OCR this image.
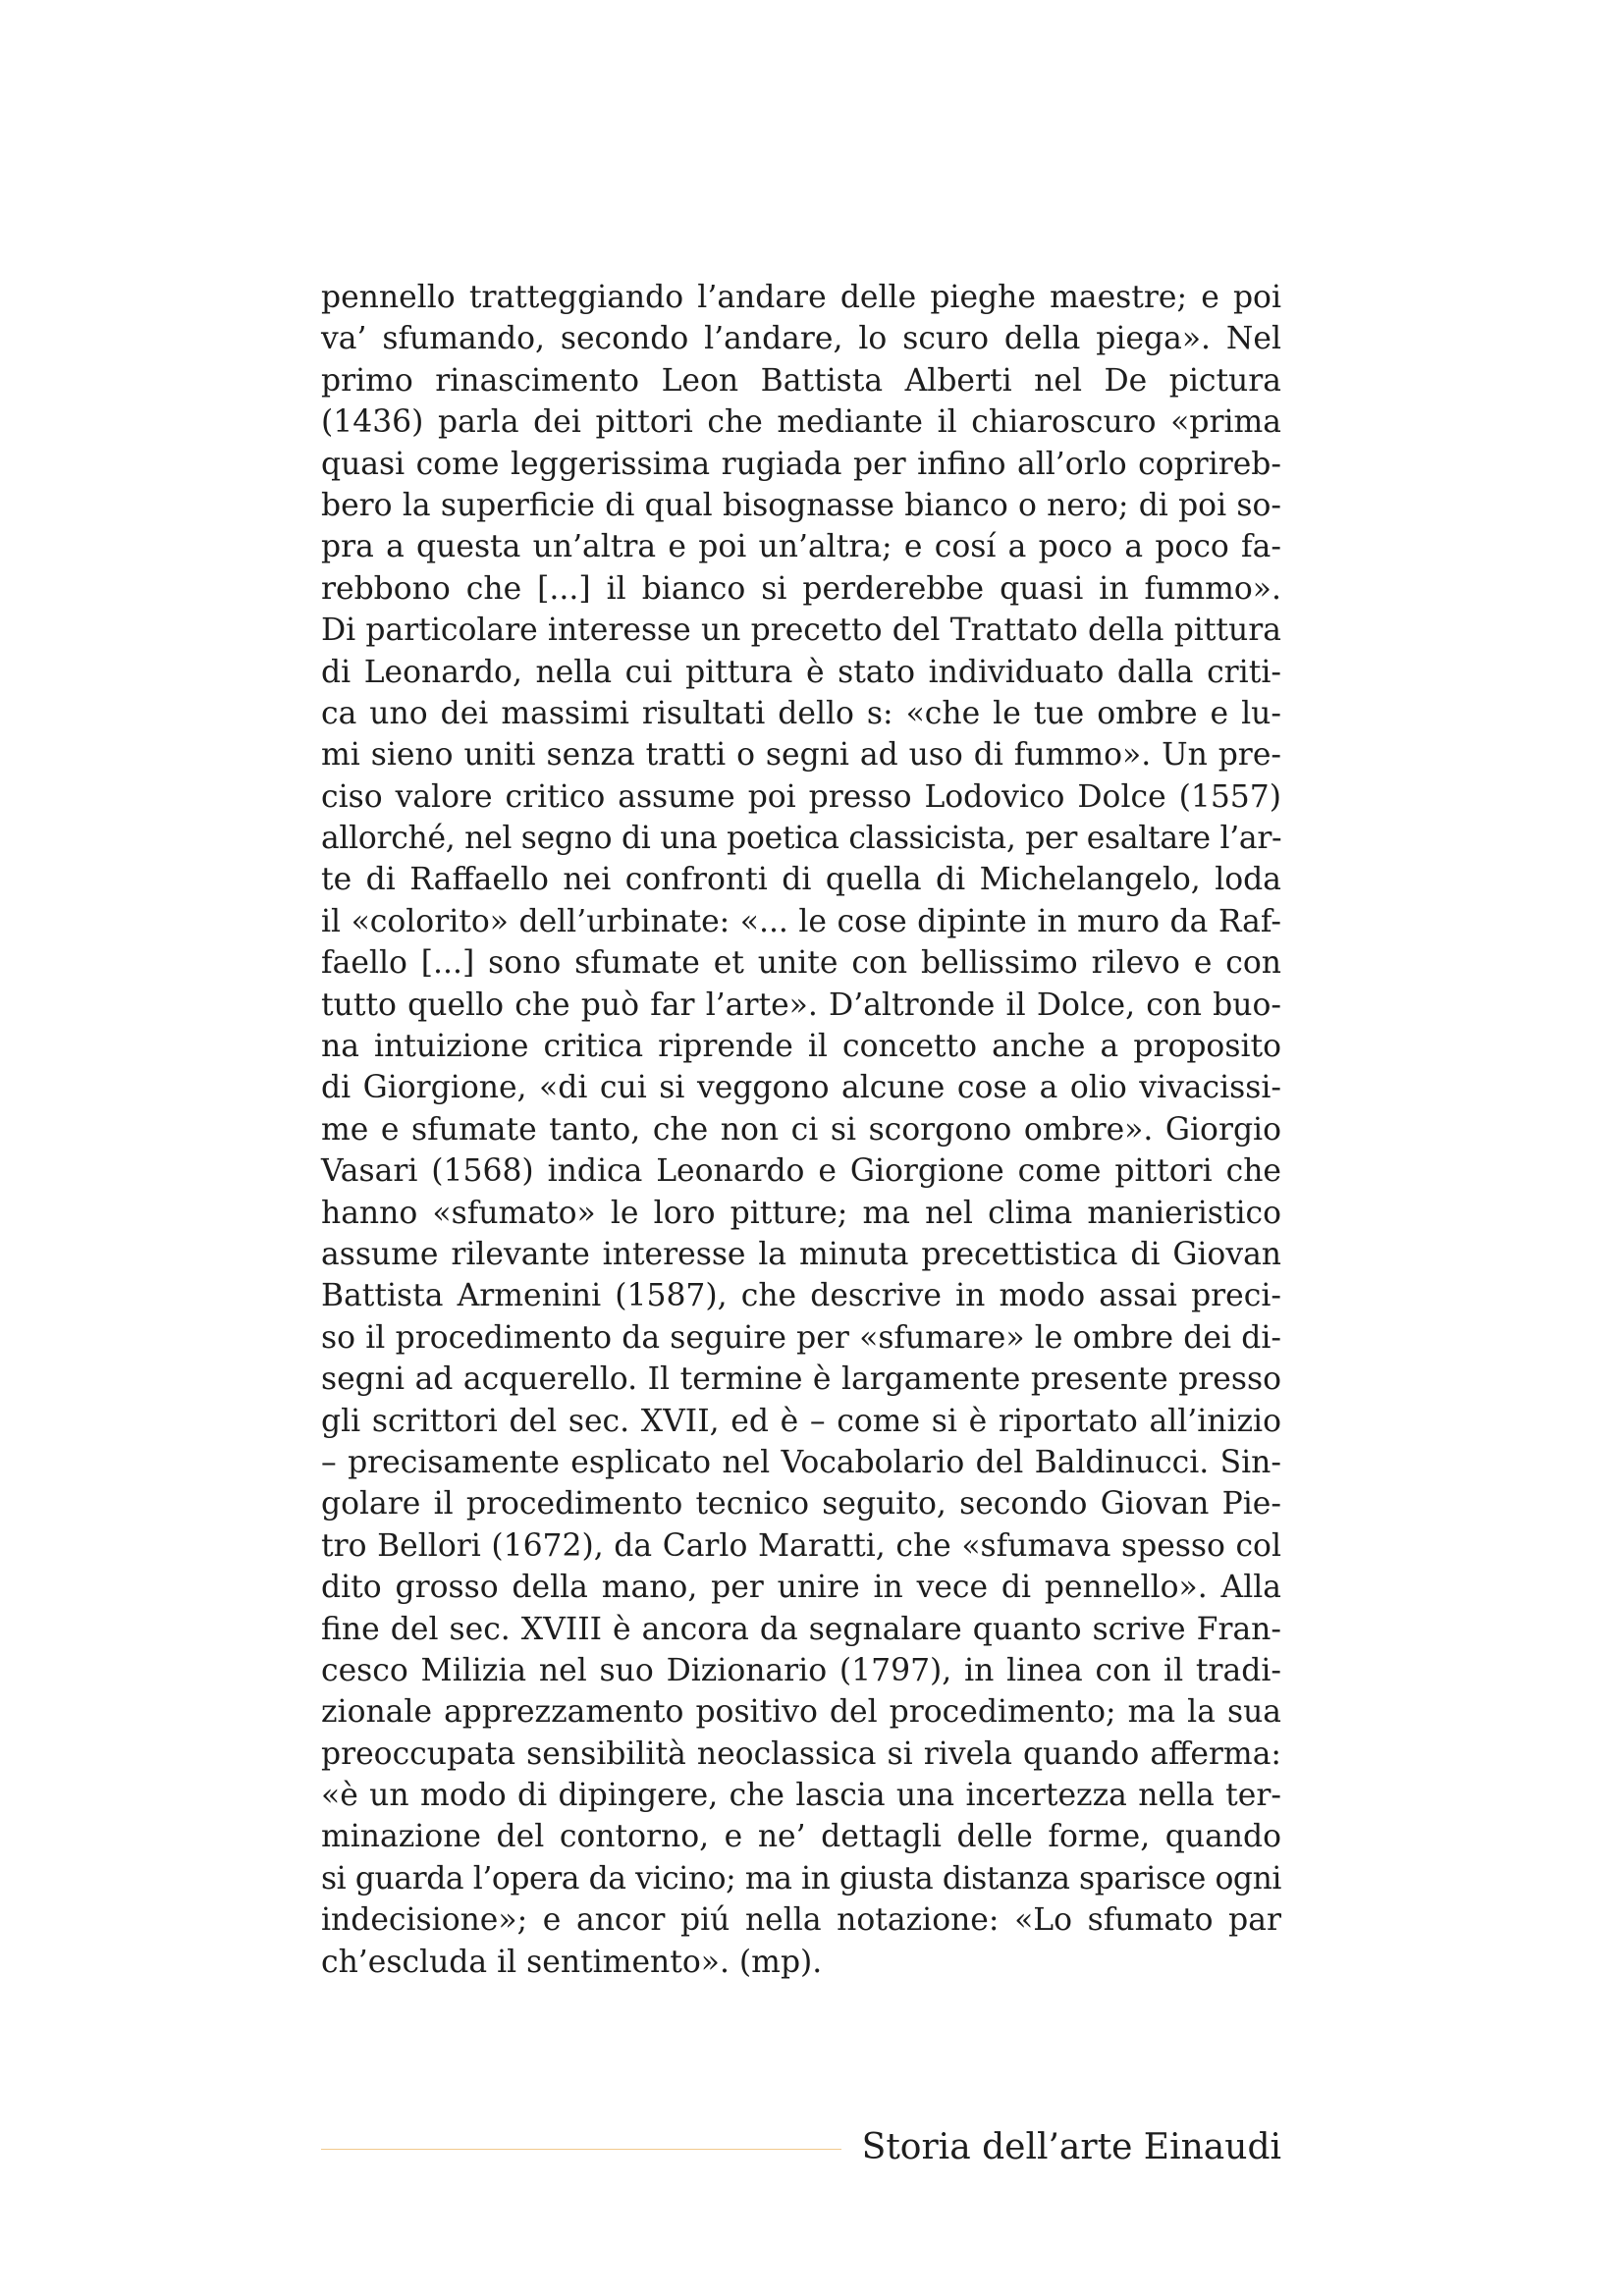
pennello tratteggiando l’andare delle pieghe maestre; e poi
va’ sfumando, secondo l’andare, lo scuro della piega». Nel
primo rinascimento Leon Battista Alberti nel De pictura
(1436) parla dei pittori che mediante il chiaroscuro «prima
quasi come leggerissima rugiada per infino all’orlo coprireb-
bero la superficie di qual bisognasse bianco o nero; di poi so-
pra a questa un’altra e poi un’altra; e cosí a poco a poco fa-
rebbono che [...] il bianco si perderebbe quasi in fummo».
Di particolare interesse un precetto del Trattato della pittura
di Leonardo, nella cui pittura è stato individuato dalla criti-
ca uno dei massimi risultati dello s: «che le tue ombre e lu-
mi sieno uniti senza tratti o segni ad uso di fummo». Un pre-
ciso valore critico assume poi presso Lodovico Dolce (1557)
allorché, nel segno di una poetica classicista, per esaltare l’ar-
te di Raffaello nei confronti di quella di Michelangelo, loda
il «colorito» dell’urbinate: «... le cose dipinte in muro da Raf-
faello [...] sono sfumate et unite con bellissimo rilevo e con
tutto quello che può far l’arte». D’altronde il Dolce, con buo-
na intuizione critica riprende il concetto anche a proposito
di Giorgione, «di cui si veggono alcune cose a olio vivacissi-
me e sfumate tanto, che non ci si scorgono ombre». Giorgio
Vasari (1568) indica Leonardo e Giorgione come pittori che
hanno «sfumato» le loro pitture; ma nel clima manieristico
assume rilevante interesse la minuta precettistica di Giovan
Battista Armenini (1587), che descrive in modo assai preci-
so il procedimento da seguire per «sfumare» le ombre dei di-
segni ad acquerello. Il termine è largamente presente presso
gli scrittori del sec. XVII, ed è – come si è riportato all’inizio
– precisamente esplicato nel Vocabolario del Baldinucci. Sin-
golare il procedimento tecnico seguito, secondo Giovan Pie-
tro Bellori (1672), da Carlo Maratti, che «sfumava spesso col
dito grosso della mano, per unire in vece di pennello». Alla
fine del sec. XVIII è ancora da segnalare quanto scrive Fran-
cesco Milizia nel suo Dizionario (1797), in linea con il tradi-
zionale apprezzamento positivo del procedimento; ma la sua
preoccupata sensibilità neoclassica si rivela quando afferma:
«è un modo di dipingere, che lascia una incertezza nella ter-
minazione del contorno, e ne’ dettagli delle forme, quando
si guarda l’opera da vicino; ma in giusta distanza sparisce ogni
indecisione»; e ancor piú nella notazione: «Lo sfumato par
ch’escluda il sentimento». (mp).
Storia dell’arte Einaudi
